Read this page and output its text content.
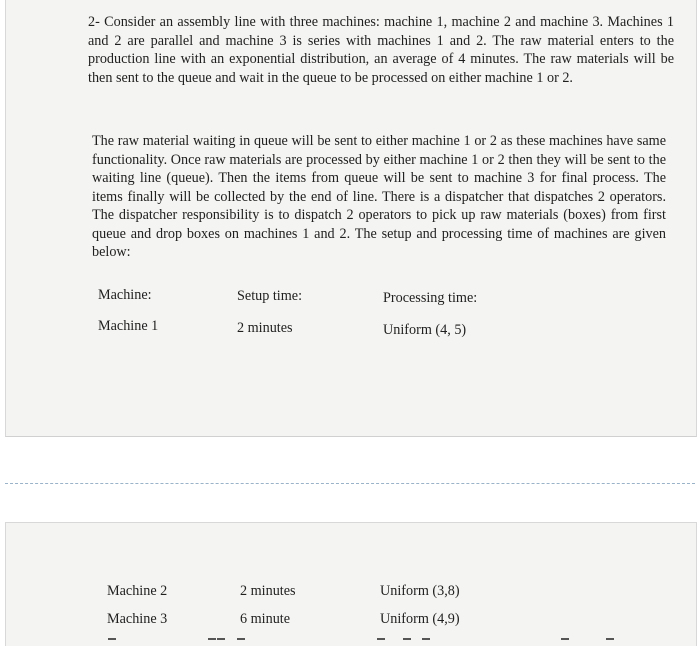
2- Consider an assembly line with three machines: machine 1, machine 2 and machine 3. Machines 1 and 2 are parallel and machine 3 is series with machines 1 and 2. The raw material enters to the production line with an exponential distribution, an average of 4 minutes. The raw materials will be then sent to the queue and wait in the queue to be processed on either machine 1 or 2.
The raw material waiting in queue will be sent to either machine 1 or 2 as these machines have same functionality. Once raw materials are processed by either machine 1 or 2 then they will be sent to the waiting line (queue). Then the items from queue will be sent to machine 3 for final process. The items finally will be collected by the end of line. There is a dispatcher that dispatches 2 operators. The dispatcher responsibility is to dispatch 2 operators to pick up raw materials (boxes) from first queue and drop boxes on machines 1 and 2. The setup and processing time of machines are given below:
Machine:	Setup time:	Processing time:
Machine 1	2 minutes	Uniform (4, 5)
Machine 2	2 minutes	Uniform (3,8)
Machine 3	6 minute	Uniform (4,9)
